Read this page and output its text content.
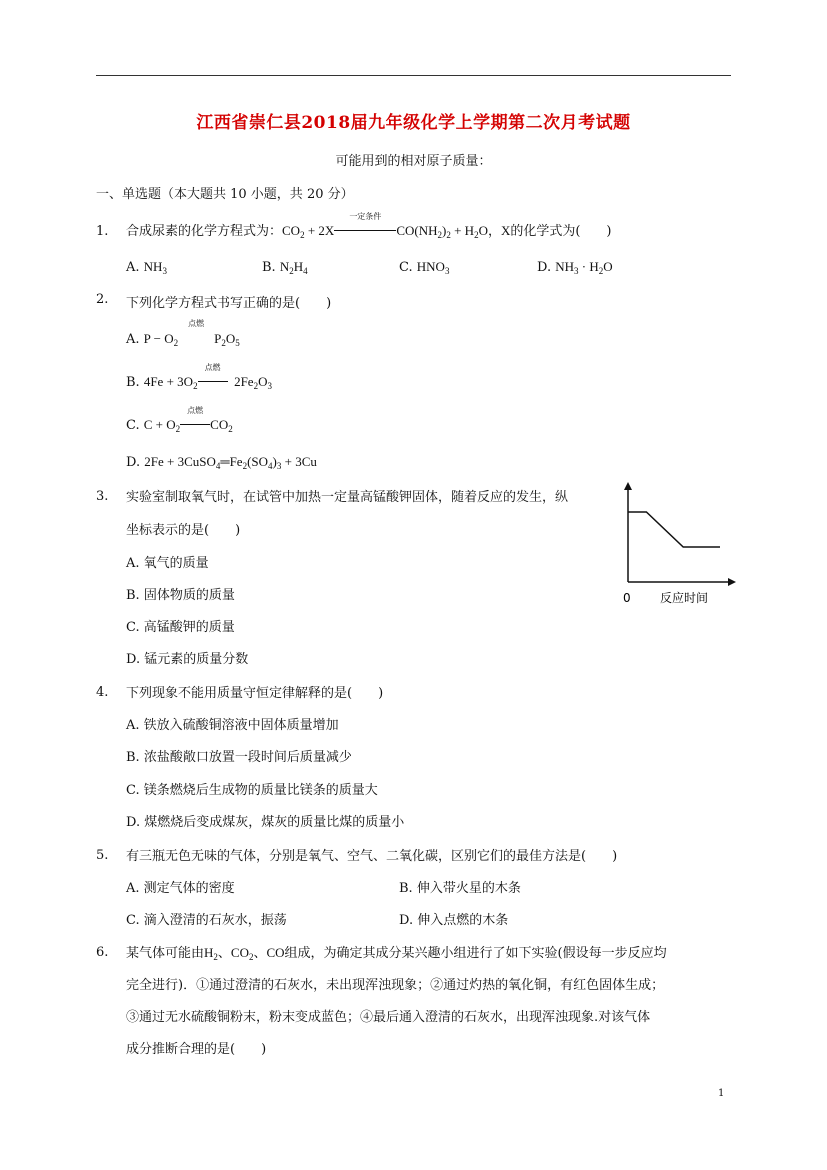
江西省崇仁县2018届九年级化学上学期第二次月考试题
可能用到的相对原子质量：
一、单选题（本大题共 10 小题，共 20 分）
1. 合成尿素的化学方程式为：$CO_2 + 2X$
一定条件
$CO(NH_2)_2 + H_2O$，X的化学式为(　　)
A. $NH_3$	B. $N_2H_4$	C. $HNO_3$	D. $NH_3 \cdot H_2O$
2. 下列化学方程式书写正确的是(　　)
A. $P - O_2$
点燃
$P_2O_5$
B. $4Fe + 3O_2$
点燃
$2Fe_2O_3$
C. $C + O_2$
点燃
$CO_2$
D. $2Fe + 3CuSO_4═Fe_2(SO_4)_3 + 3Cu$
3. 实验室制取氧气时，在试管中加热一定量高锰酸钾固体，随着反应的发生，纵
坐标表示的是(　　)
A. 氧气的质量
B. 固体物质的质量
C. 高锰酸钾的质量
D. 锰元素的质量分数
0 反应时间
4. 下列现象不能用质量守恒定律解释的是(　　)
A. 铁放入硫酸铜溶液中固体质量增加
B. 浓盐酸敞口放置一段时间后质量减少
C. 镁条燃烧后生成物的质量比镁条的质量大
D. 煤燃烧后变成煤灰，煤灰的质量比煤的质量小
5. 有三瓶无色无味的气体，分别是氧气、空气、二氧化碳，区别它们的最佳方法是(　　)
A. 测定气体的密度	B. 伸入带火星的木条
C. 滴入澄清的石灰水，振荡	D. 伸入点燃的木条
6. 某气体可能由$H_2$、$CO_2$、CO组成，为确定其成分某兴趣小组进行了如下实验(假设每一步反应均
完全进行)．①通过澄清的石灰水，未出现浑浊现象；②通过灼热的氧化铜，有红色固体生成；
③通过无水硫酸铜粉末，粉末变成蓝色；④最后通入澄清的石灰水，出现浑浊现象.对该气体
成分推断合理的是(　　)
1
